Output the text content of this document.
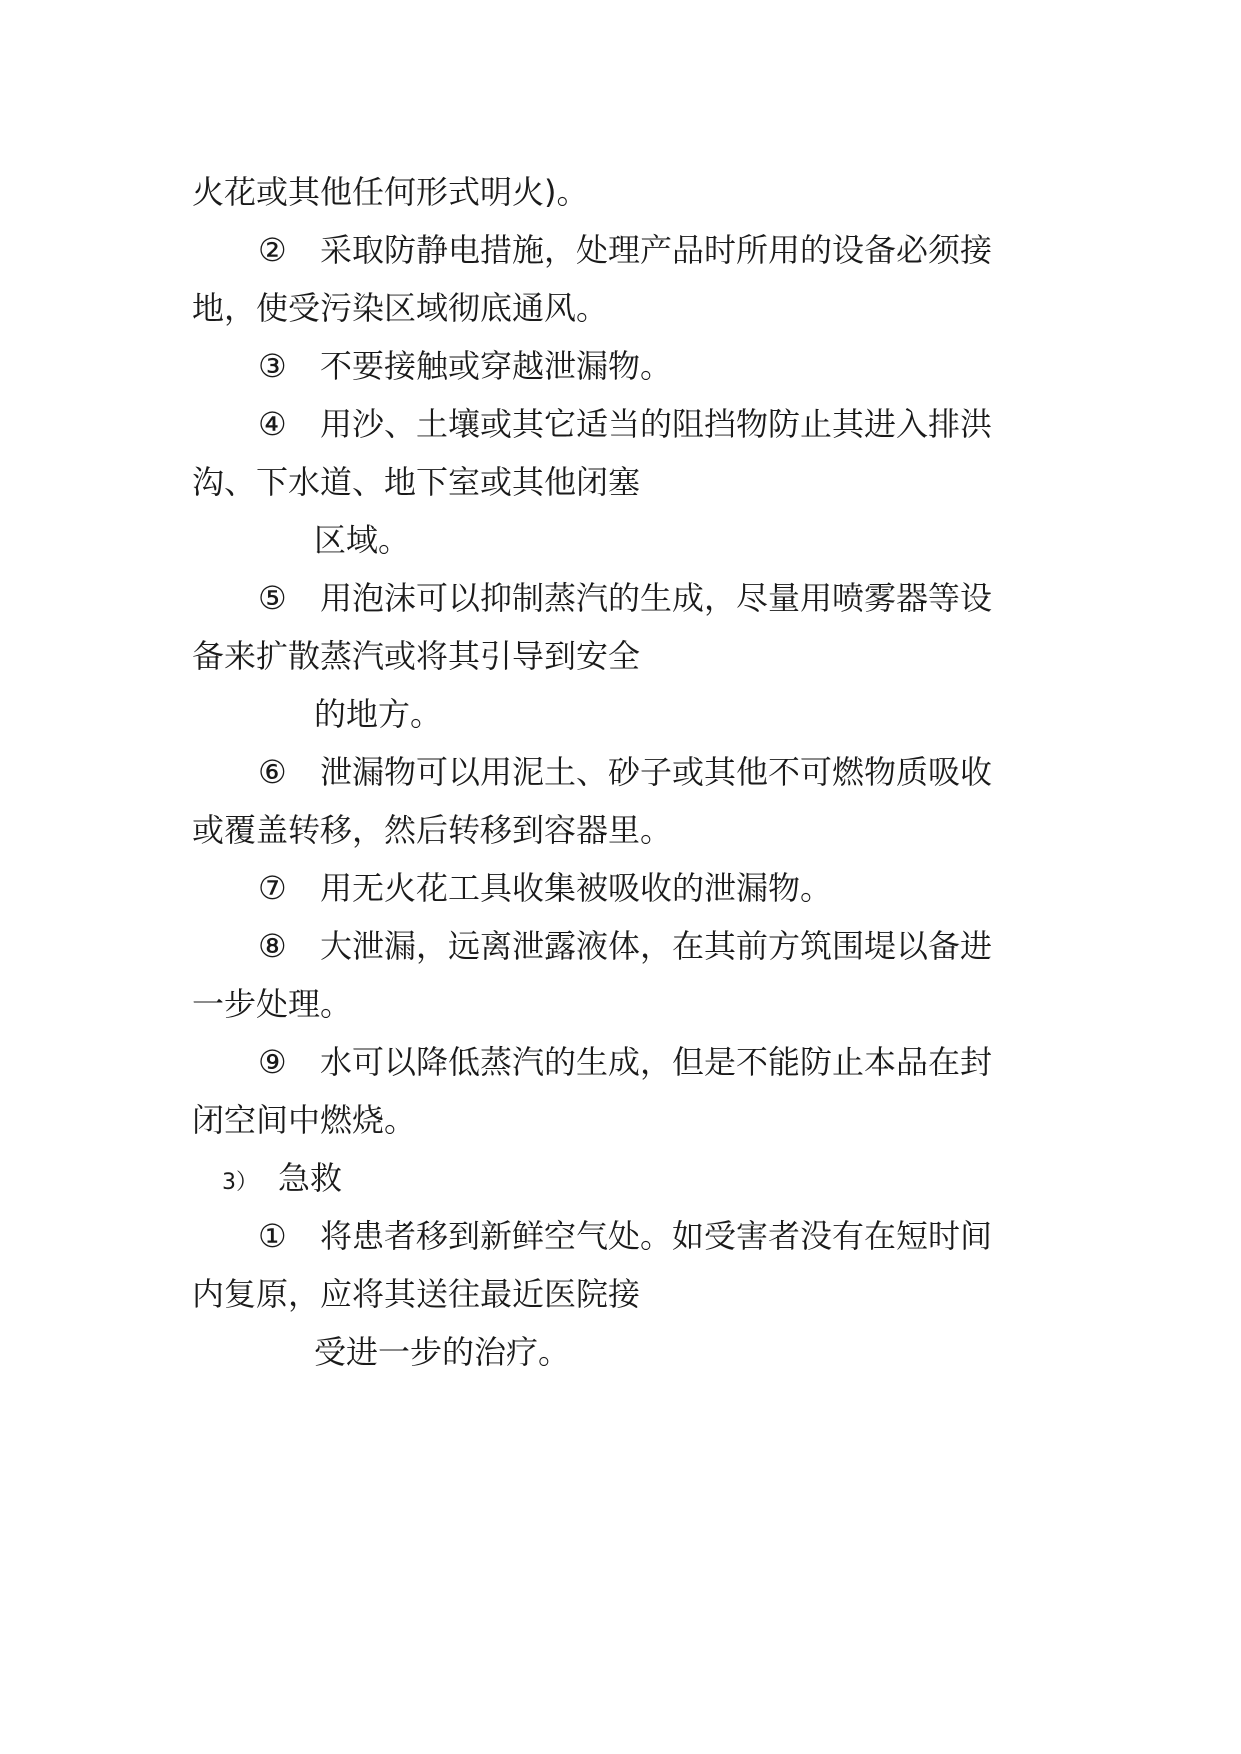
火花或其他任何形式明火)。
② 采取防静电措施，处理产品时所用的设备必须接
地，使受污染区域彻底通风。
③ 不要接触或穿越泄漏物。
④ 用沙、土壤或其它适当的阻挡物防止其进入排洪
沟、下水道、地下室或其他闭塞
区域。
⑤ 用泡沫可以抑制蒸汽的生成，尽量用喷雾器等设
备来扩散蒸汽或将其引导到安全
的地方。
⑥ 泄漏物可以用泥土、砂子或其他不可燃物质吸收
或覆盖转移，然后转移到容器里。
⑦ 用无火花工具收集被吸收的泄漏物。
⑧ 大泄漏，远离泄露液体，在其前方筑围堤以备进
一步处理。
⑨ 水可以降低蒸汽的生成，但是不能防止本品在封
闭空间中燃烧。
3） 急救
① 将患者移到新鲜空气处。如受害者没有在短时间
内复原，应将其送往最近医院接
受进一步的治疗。
